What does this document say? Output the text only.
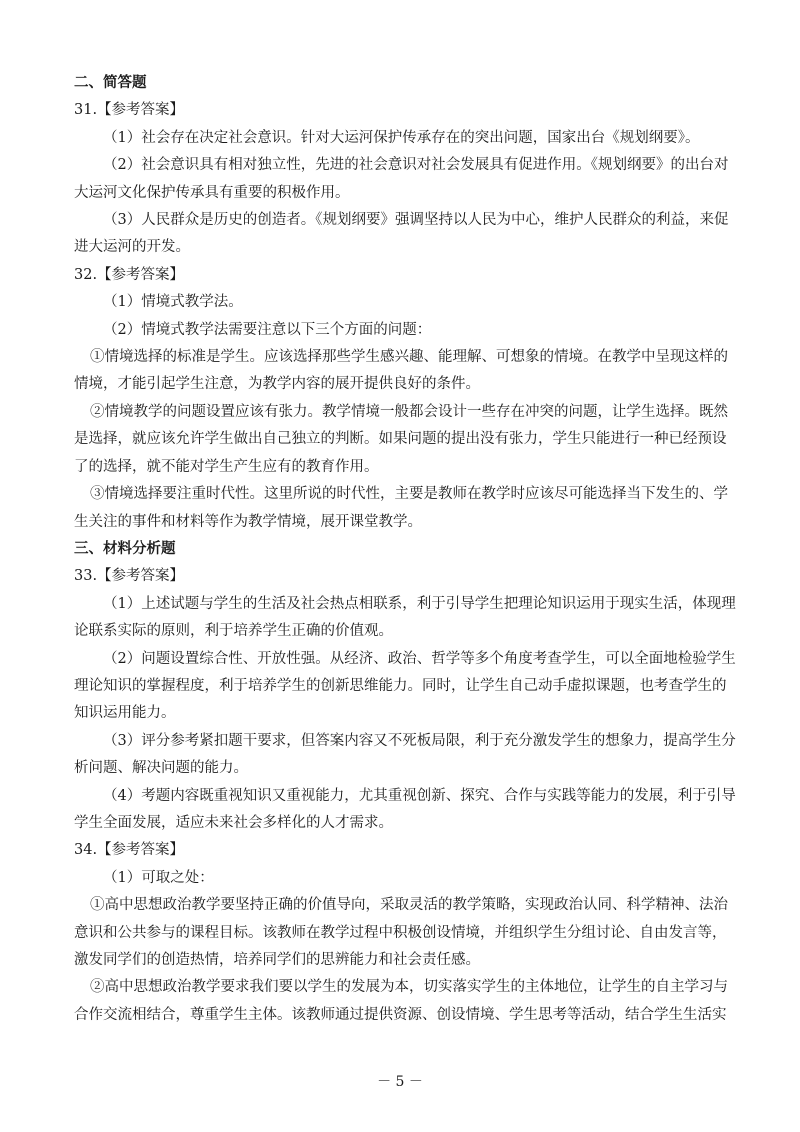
二、简答题
31.【参考答案】
（1）社会存在决定社会意识。针对大运河保护传承存在的突出问题，国家出台《规划纲要》。
（2）社会意识具有相对独立性，先进的社会意识对社会发展具有促进作用。《规划纲要》的出台对
大运河文化保护传承具有重要的积极作用。
（3）人民群众是历史的创造者。《规划纲要》强调坚持以人民为中心，维护人民群众的利益，来促
进大运河的开发。
32.【参考答案】
（1）情境式教学法。
（2）情境式教学法需要注意以下三个方面的问题：
①情境选择的标准是学生。应该选择那些学生感兴趣、能理解、可想象的情境。在教学中呈现这样的
情境，才能引起学生注意，为教学内容的展开提供良好的条件。
②情境教学的问题设置应该有张力。教学情境一般都会设计一些存在冲突的问题，让学生选择。既然
是选择，就应该允许学生做出自己独立的判断。如果问题的提出没有张力，学生只能进行一种已经预设
了的选择，就不能对学生产生应有的教育作用。
③情境选择要注重时代性。这里所说的时代性，主要是教师在教学时应该尽可能选择当下发生的、学
生关注的事件和材料等作为教学情境，展开课堂教学。
三、材料分析题
33.【参考答案】
（1）上述试题与学生的生活及社会热点相联系，利于引导学生把理论知识运用于现实生活，体现理
论联系实际的原则，利于培养学生正确的价值观。
（2）问题设置综合性、开放性强。从经济、政治、哲学等多个角度考查学生，可以全面地检验学生
理论知识的掌握程度，利于培养学生的创新思维能力。同时，让学生自己动手虚拟课题，也考查学生的
知识运用能力。
（3）评分参考紧扣题干要求，但答案内容又不死板局限，利于充分激发学生的想象力，提高学生分
析问题、解决问题的能力。
（4）考题内容既重视知识又重视能力，尤其重视创新、探究、合作与实践等能力的发展，利于引导
学生全面发展，适应未来社会多样化的人才需求。
34.【参考答案】
（1）可取之处：
①高中思想政治教学要坚持正确的价值导向，采取灵活的教学策略，实现政治认同、科学精神、法治
意识和公共参与的课程目标。该教师在教学过程中积极创设情境，并组织学生分组讨论、自由发言等，
激发同学们的创造热情，培养同学们的思辨能力和社会责任感。
②高中思想政治教学要求我们要以学生的发展为本，切实落实学生的主体地位，让学生的自主学习与
合作交流相结合，尊重学生主体。该教师通过提供资源、创设情境、学生思考等活动，结合学生生活实
－ 5 －
